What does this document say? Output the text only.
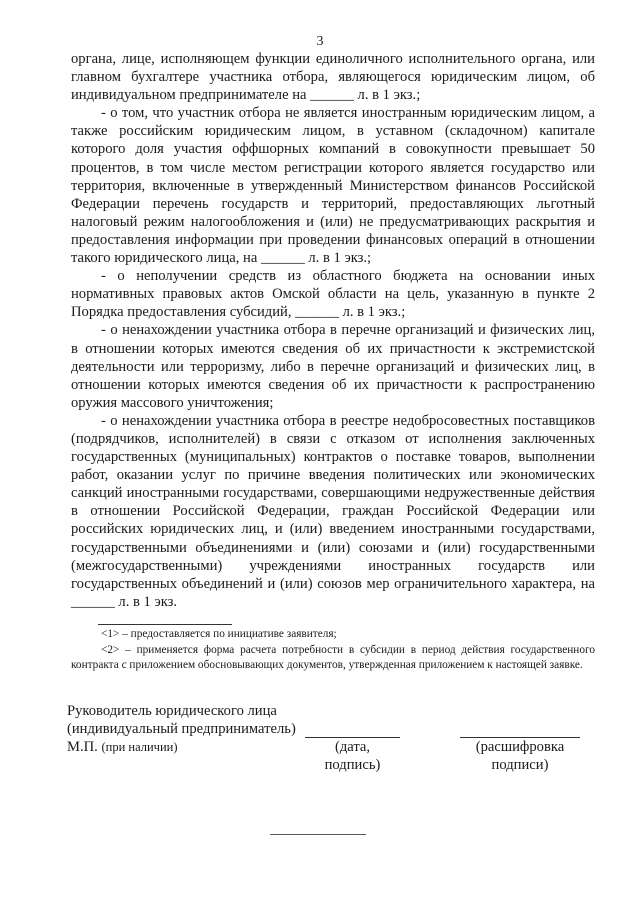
3

органа, лице, исполняющем функции единоличного исполнительного органа, или главном бухгалтере участника отбора, являющегося юридическим лицом, об индивидуальном предпринимателе на ______ л. в 1 экз.;

- о том, что участник отбора не является иностранным юридическим лицом, а также российским юридическим лицом, в уставном (складочном) капитале которого доля участия оффшорных компаний в совокупности превышает 50 процентов, в том числе местом регистрации которого является государство или территория, включенные в утвержденный Министерством финансов Российской Федерации перечень государств и территорий, предоставляющих льготный налоговый режим налогообложения и (или) не предусматривающих раскрытия и предоставления информации при проведении финансовых операций в отношении такого юридического лица, на ______ л. в 1 экз.;

- о неполучении средств из областного бюджета на основании иных нормативных правовых актов Омской области на цель, указанную в пункте 2 Порядка предоставления субсидий, ______ л. в 1 экз.;

- о ненахождении участника отбора в перечне организаций и физических лиц, в отношении которых имеются сведения об их причастности к экстремистской деятельности или терроризму, либо в перечне организаций и физических лиц, в отношении которых имеются сведения об их причастности к распространению оружия массового уничтожения;

- о ненахождении участника отбора в реестре недобросовестных поставщиков (подрядчиков, исполнителей) в связи с отказом от исполнения заключенных государственных (муниципальных) контрактов о поставке товаров, выполнении работ, оказании услуг по причине введения политических или экономических санкций иностранными государствами, совершающими недружественные действия в отношении Российской Федерации, граждан Российской Федерации или российских юридических лиц, и (или) введением иностранными государствами, государственными объединениями и (или) союзами и (или) государственными (межгосударственными) учреждениями иностранных государств или государственных объединений и (или) союзов мер ограничительного характера, на ______ л. в 1 экз.

<1> – предоставляется по инициативе заявителя;

<2> – применяется форма расчета потребности в субсидии в период действия государственного контракта с приложением обосновывающих документов, утвержденная приложением к настоящей заявке.

Руководитель юридического лица
(индивидуальный предприниматель)
М.П. (при наличии)	(дата,
подпись)
(расшифровка
подписи)
